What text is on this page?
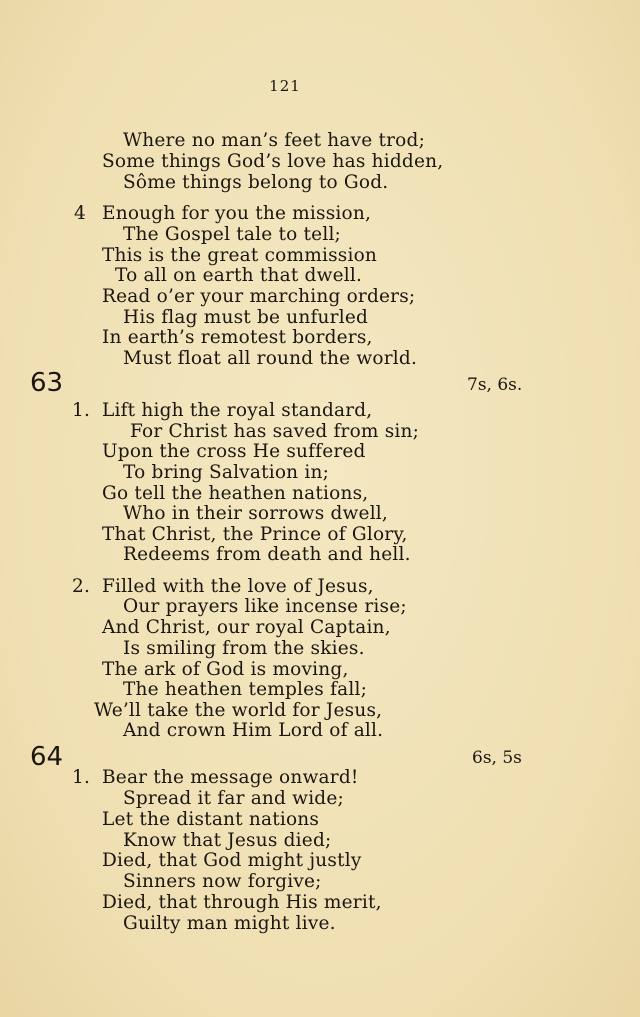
121
Where no man’s feet have trod;
Some things God’s love has hidden,
Sôme things belong to God.
4 Enough for you the mission,
The Gospel tale to tell;
This is the great commission
To all on earth that dwell.
Read o’er your marching orders;
His flag must be unfurled
In earth’s remotest borders,
Must float all round the world.
63	7s, 6s.
1. Lift high the royal standard,
For Christ has saved from sin;
Upon the cross He suffered
To bring Salvation in;
Go tell the heathen nations,
Who in their sorrows dwell,
That Christ, the Prince of Glory,
Redeems from death and hell.
2. Filled with the love of Jesus,
Our prayers like incense rise;
And Christ, our royal Captain,
Is smiling from the skies.
The ark of God is moving,
The heathen temples fall;
We’ll take the world for Jesus,
And crown Him Lord of all.
64	6s, 5s
1. Bear the message onward!
Spread it far and wide;
Let the distant nations
Know that Jesus died;
Died, that God might justly
Sinners now forgive;
Died, that through His merit,
Guilty man might live.
